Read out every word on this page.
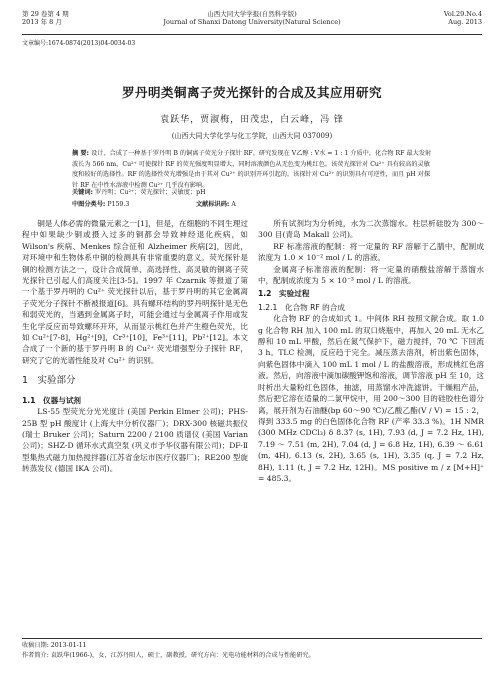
第 29 卷第 4 期
2013 年 8 月
山西大同大学学报(自然科学版)
Journal of Shanxi Datong University(Natural Science)
Vol.29.No.4
Aug. 2013
文章编号:1674-0874(2013)04-0034-03
罗丹明类铜离子荧光探针的合成及其应用研究
袁跃华，贾淑梅，田茂忠，白云峰，冯 锋
(山西大同大学化学与化工学院，山西大同 037009)
摘 要: 设计、合成了一种基于罗丹明 B 的铜离子荧光分子探针 RF。研究发现在 V乙醇 : V水 = 1 : 1 介质中，化合物 RF 最大发射波长为 566 nm，Cu²⁺ 可使探针 RF 的荧光强度明显增大，同时溶液颜色从无色变为桃红色。该荧光探针对 Cu²⁺ 具有较高的灵敏度和较好的选择性。RF 的选择性荧光增强是由于其对 Cu²⁺ 的识别开环引起的。该探针对 Cu²⁺ 的识别具有可逆性，而且 pH 对探针 RF 在中性水溶液中检测 Cu²⁺ 几乎没有影响。
关键词: 罗丹明；Cu²⁺；荧光探针；灵敏度；pH
中图分类号: P159.3	文献标识码: A

铜是人体必需的微量元素之一[1]，但是，在细胞的不同生理过程中如果缺少铜或摄入过多的铜都会导致神经退化疾病，如 Wilson's 疾病、Menkes 综合征和 Alzheimer 疾病[2]，因此，对环境中和生物体系中铜的检测具有非常重要的意义。荧光探针是铜的检测方法之一，设计合成简单、高选择性、高灵敏的铜离子荧光探针已引起人们高度关注[3-5]。1997 年 Czarnik 等报道了第一个基于罗丹明的 Cu²⁺ 荧光探针以后，基于罗丹明的其它金属离子荧光分子探针不断被报道[6]。具有螺环结构的罗丹明探针是无色和弱荧光的，当遇到金属离子时，可能会通过与金属离子作用或发生化学反应而导致螺环开环，从而显示桃红色并产生橙色荧光，比如 Cu²⁺[7-8]，Hg²⁺[9]，Cr³⁺[10]，Fe³⁺[11]，Pb²⁺[12]。本文合成了一个新的基于罗丹明 B 的 Cu²⁺ 荧光增强型分子探针 RF，研究了它的光谱性能及对 Cu²⁺ 的识别。

1　实验部分
1.1　仪器与试剂

LS-55 型荧光分光光度计 (美国 Perkin Elmer 公司)；PHS-25B 型 pH 酸度计 (上海大中分析仪器厂)；DRX-300 核磁共振仪 (瑞士 Bruker 公司)；Saturn 2200 / 2100 质谱仪 (美国 Varian 公司)；SHZ-D 循环水式真空泵 (巩义市予华仪器有限公司)；DF-Ⅱ型集热式磁力加热搅拌器(江苏省金坛市医疗仪器厂)；RE200 型旋转蒸发仪 (德国 IKA 公司)。

所有试剂均为分析纯，水为二次蒸馏水。柱层析硅胶为 300～300 目(青岛 Makall 公司)。

RF 标准溶液的配制：将一定量的 RF 溶解于乙腈中，配制成浓度为 1.0 × 10⁻² mol / L 的溶液。

金属离子标准溶液的配制：将一定量的硝酸盐溶解于蒸馏水中，配制成浓度为 5 × 10⁻³ mol / L 的溶液。

1.2　实验过程
1.2.1　化合物 RF 的合成

化合物 RF 的合成如式 1。中间体 RH 按照文献合成。取 1.0 g 化合物 RH 加入 100 mL 的双口烧瓶中，再加入 20 mL 无水乙醇和 10 mL 甲酸，然后在氮气保护下，磁力搅拌，70 ℃ 下回流 3 h。TLC 检测，反应趋于完全。减压蒸去溶剂，析出紫色固体，向紫色固体中滴入 100 mL 1 mol / L 的盐酸溶液，形成桃红色溶液。然后，向溶液中滴加碳酸钾饱和溶液，调节溶液 pH 至 10，这时析出大量粉红色固体，抽滤，用蒸馏水冲洗滤饼。干燥粗产品，然后把它溶在适量的二氯甲烷中，用 200～300 目的硅胶柱色谱分离，展开剂为石油醚(bp 60～90 ℃)/乙酸乙酯(V / V) = 15 : 2，得到 333.5 mg 的白色固体化合物 RF (产率 33.3 %)。1H NMR (300 MHz CDCl₃) δ 8.37 (s, 1H), 7.93 (d, J = 7.2 Hz, 1H), 7.19 ～ 7.51 (m, 2H), 7.04 (d, J = 6.8 Hz, 1H), 6.39 ～ 6.61 (m, 4H), 6.13 (s, 2H), 3.65 (s, 1H), 3.35 (q, J = 7.2 Hz, 8H), 1.11 (t, J = 7.2 Hz, 12H)。MS positive m / z [M+H]⁺ = 485.3。

收稿日期: 2013-01-11
作者简介: 袁跃华(1966-)，女，江苏丹阳人，硕士，副教授，研究方向：光电功能材料的合成与性能研究。
